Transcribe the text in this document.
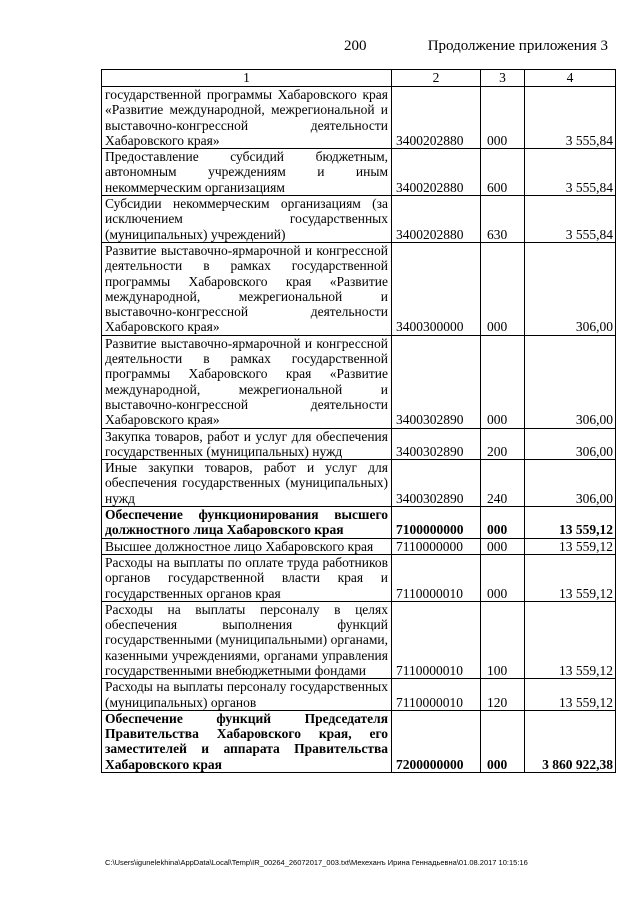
200	Продолжение приложения 3
1	2	3	4
государственной программы Хабаровского края «Развитие международной, межрегиональной и выставочно-конгрессной деятельности Хабаровского края»	3400202880	000	3 555,84
Предоставление субсидий бюджетным, автономным учреждениям и иным некоммерческим организациям	3400202880	600	3 555,84
Субсидии некоммерческим организациям (за исключением государственных (муниципальных) учреждений)	3400202880	630	3 555,84
Развитие выставочно-ярмарочной и конгрессной деятельности в рамках государственной программы Хабаровского края «Развитие международной, межрегиональной и выставочно-конгрессной деятельности Хабаровского края»	3400300000	000	306,00
Развитие выставочно-ярмарочной и конгрессной деятельности в рамках государственной программы Хабаровского края «Развитие международной, межрегиональной и выставочно-конгрессной деятельности Хабаровского края»	3400302890	000	306,00
Закупка товаров, работ и услуг для обеспечения государственных (муниципальных) нужд	3400302890	200	306,00
Иные закупки товаров, работ и услуг для обеспечения государственных (муниципальных) нужд	3400302890	240	306,00
Обеспечение функционирования высшего должностного лица Хабаровского края	7100000000	000	13 559,12
Высшее должностное лицо Хабаровского края	7110000000	000	13 559,12
Расходы на выплаты по оплате труда работников органов государственной власти края и государственных органов края	7110000010	000	13 559,12
Расходы на выплаты персоналу в целях обеспечения выполнения функций государственными (муниципальными) органами, казенными учреждениями, органами управления государственными внебюджетными фондами	7110000010	100	13 559,12
Расходы на выплаты персоналу государственных (муниципальных) органов	7110000010	120	13 559,12
Обеспечение функций Председателя Правительства Хабаровского края, его заместителей и аппарата Правительства Хабаровского края	7200000000	000	3 860 922,38
C:\Users\igunelekhina\AppData\Local\Temp\IR_00264_26072017_003.txt\Мехеханъ Ирина Геннадьевна\01.08.2017 10:15:16
